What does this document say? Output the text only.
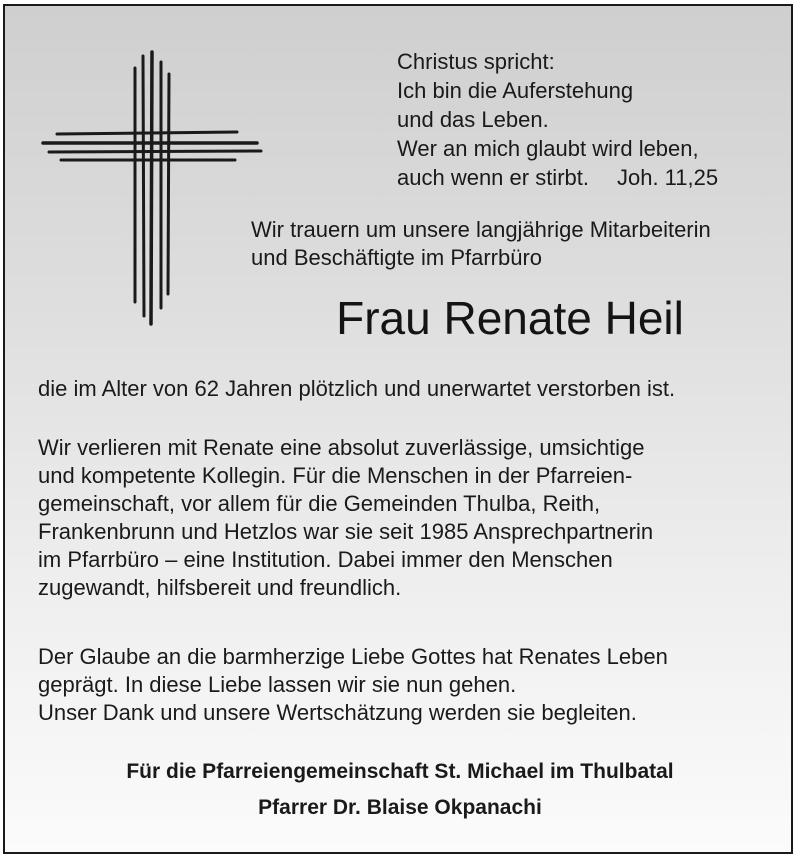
Christus spricht:
Ich bin die Auferstehung
und das Leben.
Wer an mich glaubt wird leben,
auch wenn er stirbt. Joh. 11,25
Wir trauern um unsere langjährige Mitarbeiterin
und Beschäftigte im Pfarrbüro
Frau Renate Heil
die im Alter von 62 Jahren plötzlich und unerwartet verstorben ist.
Wir verlieren mit Renate eine absolut zuverlässige, umsichtige
und kompetente Kollegin. Für die Menschen in der Pfarreien-
gemeinschaft, vor allem für die Gemeinden Thulba, Reith,
Frankenbrunn und Hetzlos war sie seit 1985 Ansprechpartnerin
im Pfarrbüro – eine Institution. Dabei immer den Menschen
zugewandt, hilfsbereit und freundlich.
Der Glaube an die barmherzige Liebe Gottes hat Renates Leben
geprägt. In diese Liebe lassen wir sie nun gehen.
Unser Dank und unsere Wertschätzung werden sie begleiten.
Für die Pfarreiengemeinschaft St. Michael im Thulbatal
Pfarrer Dr. Blaise Okpanachi
